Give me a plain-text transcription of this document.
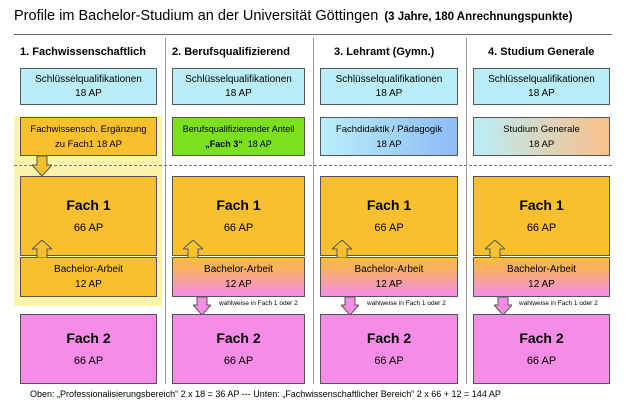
Profile im Bachelor-Studium an der Universität Göttingen (3 Jahre, 180 Anrechnungspunkte)
1. Fachwissenschaftlich 2. Berufsqualifizierend	3. Lehramt (Gymn.)	4. Studium Generale
Schlüsselqualifikationen
18 AP
Schlüsselqualifikationen
18 AP
Schlüsselqualifikationen
18 AP
Schlüsselqualifikationen
18 AP
Fachwissensch. Ergänzung
zu Fach1 18 AP
Berufsqualifizierender Anteil
„Fach 3“ 18 AP
Fachdidaktik / Pädagogik
18 AP
Studium Generale
18 AP
Fach 1
66 AP
Fach 1
66 AP
Fach 1
66 AP
Fach 1
66 AP
Bachelor-Arbeit
12 AP
Bachelor-Arbeit
12 AP
Bachelor-Arbeit
12 AP
Bachelor-Arbeit
12 AP
wahlweise in Fach 1 oder 2	wahlweise in Fach 1 oder 2	wahlweise in Fach 1 oder 2
Fach 2
66 AP
Fach 2
66 AP
Fach 2
66 AP
Fach 2
66 AP
Oben: „Professionalisierungsbereich“ 2 x 18 = 36 AP --- Unten: „Fachwissenschaftlicher Bereich“ 2 x 66 + 12 = 144 AP
